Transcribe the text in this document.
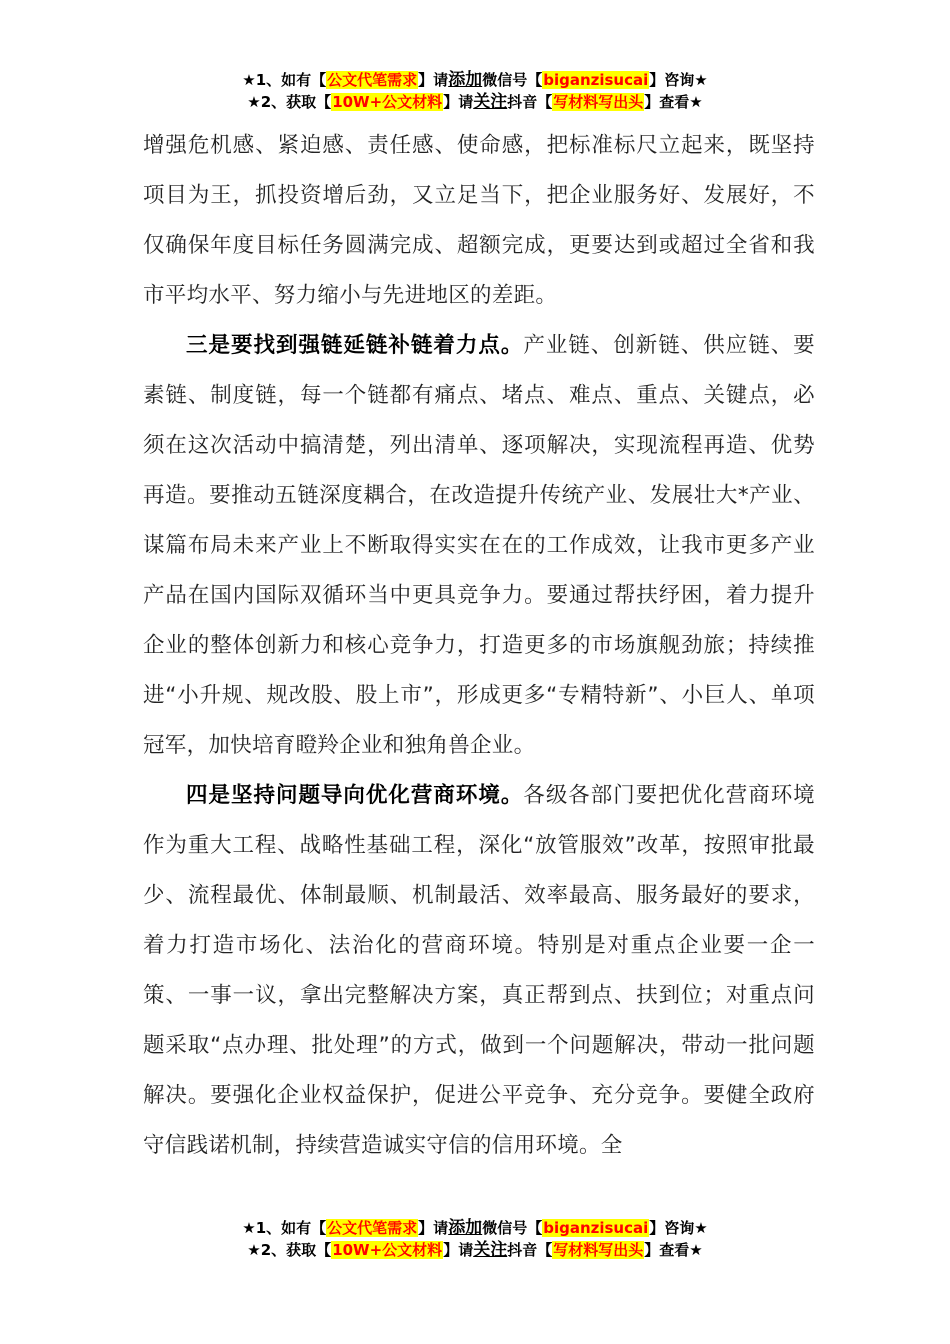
★1、如有【公文代笔需求】请添加微信号【biganzisucai】咨询★
★2、获取【10W+公文材料】请关注抖音【写材料写出头】查看★

增强危机感、紧迫感、责任感、使命感，把标准标尺立起来，既坚持项目为王，抓投资增后劲，又立足当下，把企业服务好、发展好，不仅确保年度目标任务圆满完成、超额完成，更要达到或超过全省和我市平均水平、努力缩小与先进地区的差距。

三是要找到强链延链补链着力点。产业链、创新链、供应链、要素链、制度链，每一个链都有痛点、堵点、难点、重点、关键点，必须在这次活动中搞清楚，列出清单、逐项解决，实现流程再造、优势再造。要推动五链深度耦合，在改造提升传统产业、发展壮大*产业、谋篇布局未来产业上不断取得实实在在的工作成效，让我市更多产业产品在国内国际双循环当中更具竞争力。要通过帮扶纾困，着力提升企业的整体创新力和核心竞争力，打造更多的市场旗舰劲旅；持续推进“小升规、规改股、股上市”，形成更多“专精特新”、小巨人、单项冠军，加快培育瞪羚企业和独角兽企业。

四是坚持问题导向优化营商环境。各级各部门要把优化营商环境作为重大工程、战略性基础工程，深化“放管服效”改革，按照审批最少、流程最优、体制最顺、机制最活、效率最高、服务最好的要求，着力打造市场化、法治化的营商环境。特别是对重点企业要一企一策、一事一议，拿出完整解决方案，真正帮到点、扶到位；对重点问题采取“点办理、批处理”的方式，做到一个问题解决，带动一批问题解决。要强化企业权益保护，促进公平竞争、充分竞争。要健全政府守信践诺机制，持续营造诚实守信的信用环境。全

★1、如有【公文代笔需求】请添加微信号【biganzisucai】咨询★
★2、获取【10W+公文材料】请关注抖音【写材料写出头】查看★
